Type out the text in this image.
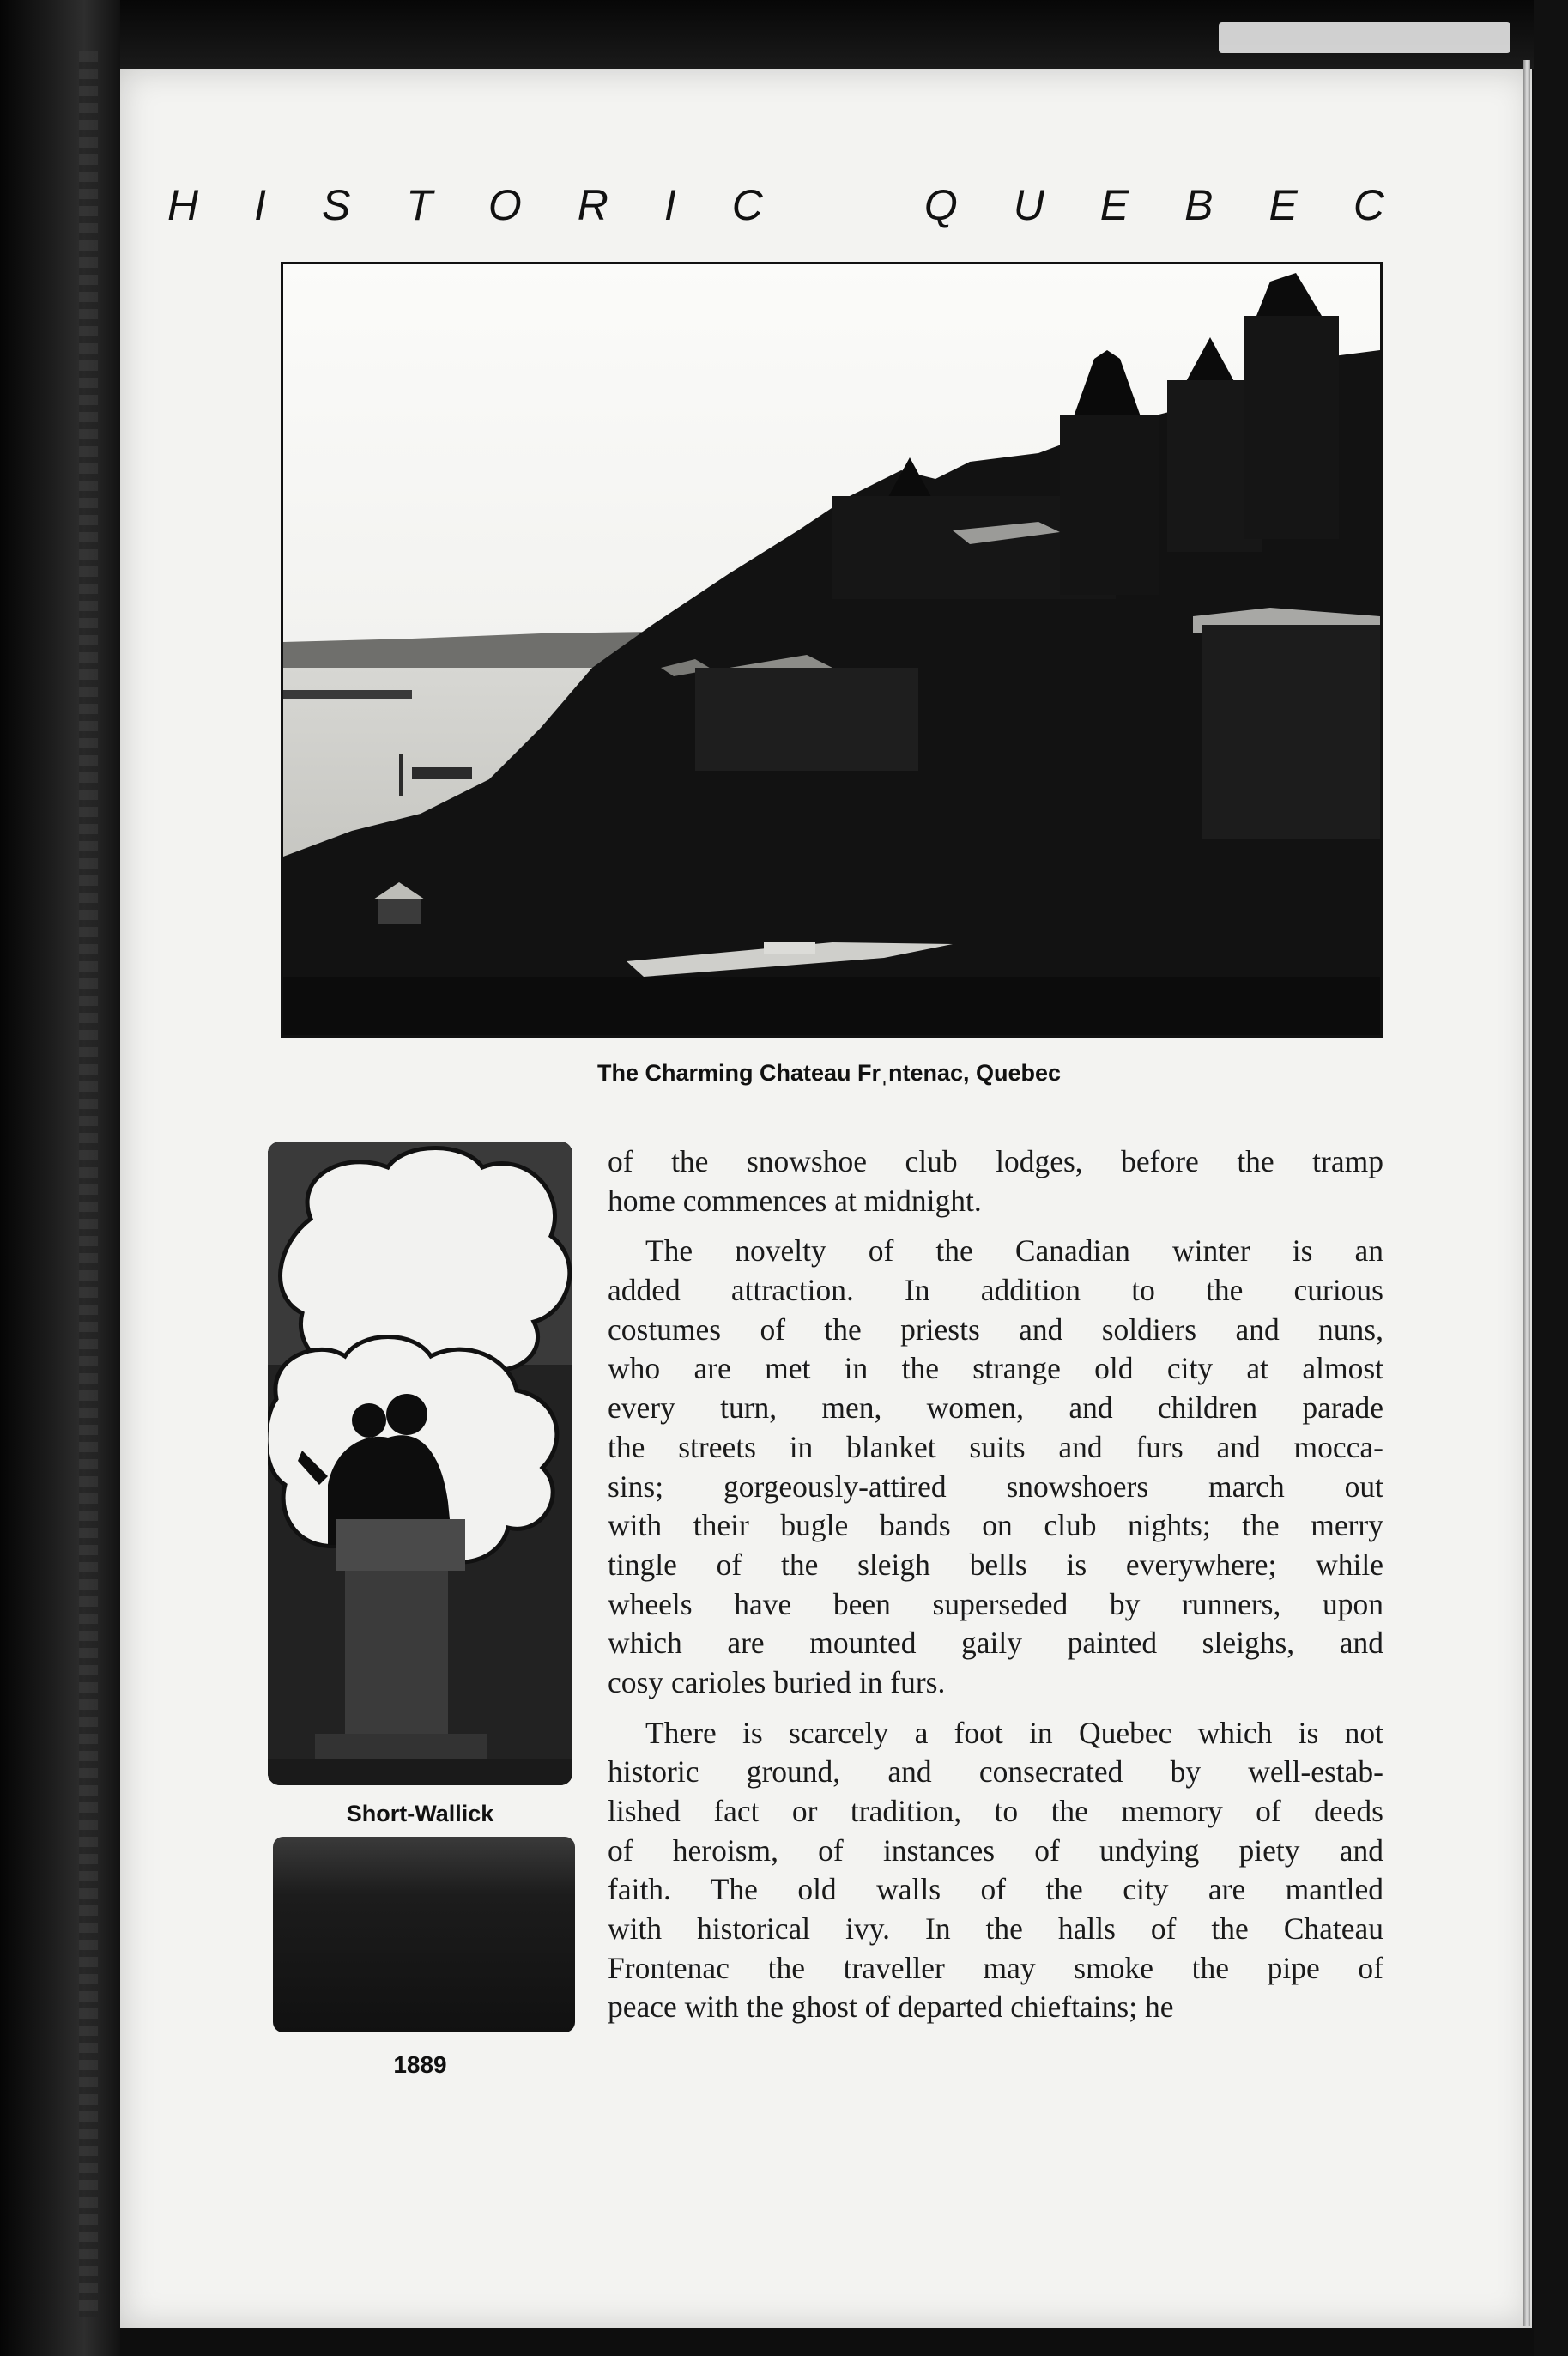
H I S T O R I C	Q U E B E C
The Charming Chateau Frˌntenac, Quebec
Short-Wallick
1889
of the snowshoe club lodges, before the tramp
home commences at midnight.
The novelty of the Canadian winter is an
added attraction. In addition to the curious
costumes of the priests and soldiers and nuns,
who are met in the strange old city at almost
every turn, men, women, and children parade
the streets in blanket suits and furs and mocca-
sins; gorgeously-attired snowshoers march out
with their bugle bands on club nights; the merry
tingle of the sleigh bells is everywhere; while
wheels have been superseded by runners, upon
which are mounted gaily painted sleighs, and
cosy carioles buried in furs.
There is scarcely a foot in Quebec which is not
historic ground, and consecrated by well-estab-
lished fact or tradition, to the memory of deeds
of heroism, of instances of undying piety and
faith. The old walls of the city are mantled
with historical ivy. In the halls of the Chateau
Frontenac the traveller may smoke the pipe of
peace with the ghost of departed chieftains; he
